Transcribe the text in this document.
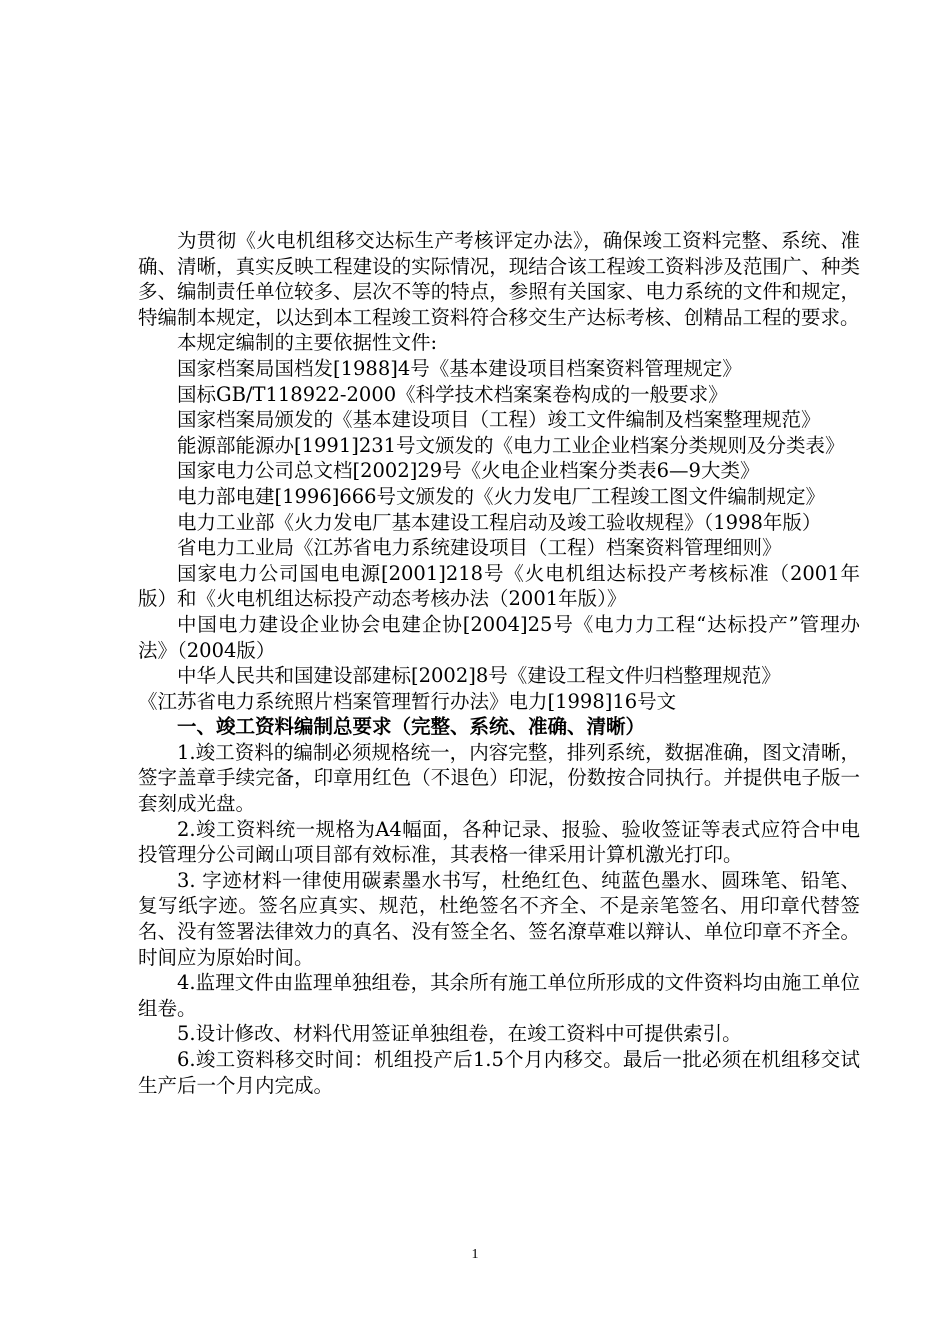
为贯彻《火电机组移交达标生产考核评定办法》，确保竣工资料完整、系统、准确、清晰，真实反映工程建设的实际情况，现结合该工程竣工资料涉及范围广、种类多、编制责任单位较多、层次不等的特点，参照有关国家、电力系统的文件和规定，特编制本规定，以达到本工程竣工资料符合移交生产达标考核、创精品工程的要求。

本规定编制的主要依据性文件:

国家档案局国档发[1988]4号《基本建设项目档案资料管理规定》

国标GB/T118922-2000《科学技术档案案卷构成的一般要求》

国家档案局颁发的《基本建设项目（工程）竣工文件编制及档案整理规范》

能源部能源办[1991]231号文颁发的《电力工业企业档案分类规则及分类表》

国家电力公司总文档[2002]29号《火电企业档案分类表6—9大类》

电力部电建[1996]666号文颁发的《火力发电厂工程竣工图文件编制规定》

电力工业部《火力发电厂基本建设工程启动及竣工验收规程》（1998年版）

省电力工业局《江苏省电力系统建设项目（工程）档案资料管理细则》

国家电力公司国电电源[2001]218号《火电机组达标投产考核标准（2001年版）和《火电机组达标投产动态考核办法（2001年版）》

中国电力建设企业协会电建企协[2004]25号《电力力工程“达标投产”管理办法》（2004版）

中华人民共和国建设部建标[2002]8号《建设工程文件归档整理规范》

《江苏省电力系统照片档案管理暂行办法》电力[1998]16号文

一、竣工资料编制总要求（完整、系统、准确、清晰）

1.竣工资料的编制必须规格统一，内容完整，排列系统，数据准确，图文清晰，签字盖章手续完备，印章用红色（不退色）印泥，份数按合同执行。并提供电子版一套刻成光盘。

2.竣工资料统一规格为A4幅面，各种记录、报验、验收签证等表式应符合中电投管理分公司阚山项目部有效标准，其表格一律采用计算机激光打印。

3. 字迹材料一律使用碳素墨水书写，杜绝红色、纯蓝色墨水、圆珠笔、铅笔、复写纸字迹。签名应真实、规范，杜绝签名不齐全、不是亲笔签名、用印章代替签名、没有签署法律效力的真名、没有签全名、签名潦草难以辩认、单位印章不齐全。时间应为原始时间。

4.监理文件由监理单独组卷，其余所有施工单位所形成的文件资料均由施工单位组卷。

5.设计修改、材料代用签证单独组卷，在竣工资料中可提供索引。

6.竣工资料移交时间：机组投产后1.5个月内移交。最后一批必须在机组移交试生产后一个月内完成。

1
